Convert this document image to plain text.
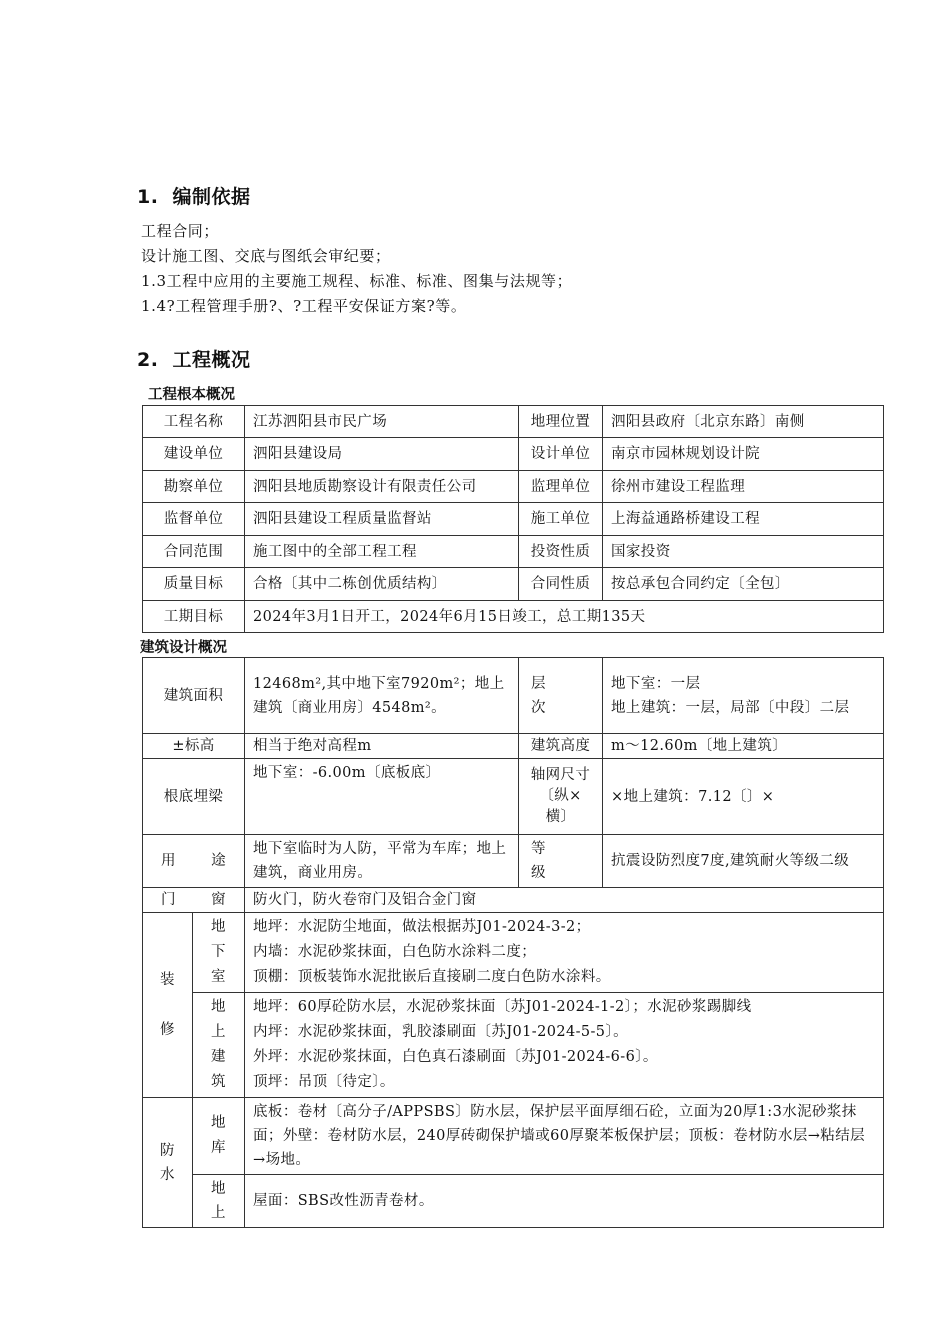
1. 编制依据
工程合同；
设计施工图、交底与图纸会审纪要；
1.3工程中应用的主要施工规程、标准、标准、图集与法规等；
1.4?工程管理手册?、?工程平安保证方案?等。
2. 工程概况
工程根本概况
工程名称	江苏泗阳县市民广场	地理位置	泗阳县政府〔北京东路〕南侧
建设单位	泗阳县建设局	设计单位	南京市园林规划设计院
勘察单位	泗阳县地质勘察设计有限责任公司	监理单位	徐州市建设工程监理
监督单位	泗阳县建设工程质量监督站	施工单位	上海益通路桥建设工程
合同范围	施工图中的全部工程工程	投资性质	国家投资
质量目标	合格〔其中二栋创优质结构〕	合同性质	按总承包合同约定〔全包〕
工期目标	2024年3月1日开工，2024年6月15日竣工，总工期135天		
建筑设计概况
建筑面积		12468m²,其中地下室7920m²；地上建筑〔商业用房〕4548m²。	层　　次	地下室：一层
地上建筑：一层，局部〔中段〕二层

±标高		相当于绝对高程m	建筑高度	m～12.60m〔地上建筑〕
根底埋梁		地下室：-6.00m〔底板底〕	轴网尺寸
〔纵×
横〕	×地上建筑：7.12〔〕×
用　　途		地下室临时为人防，平常为车库；地上建筑，商业用房。	等　　级	抗震设防烈度7度,建筑耐火等级二级
门　　窗		防火门，防火卷帘门及铝合金门窗		

装
修	地
下
室	地坪：水泥防尘地面，做法根据苏J01-2024-3-2；
内墙：水泥砂浆抹面，白色防水涂料二度；
顶棚：顶板装饰水泥批嵌后直接刷二度白色防水涂料。		

	地
上
建
筑	地坪：60厚砼防水层，水泥砂浆抹面〔苏J01-2024-1-2〕；水泥砂浆踢脚线
内坪：水泥砂浆抹面，乳胶漆刷面〔苏J01-2024-5-5〕。
外坪：水泥砂浆抹面，白色真石漆刷面〔苏J01-2024-6-6〕。
顶坪：吊顶〔待定〕。		

防
水	地
库	底板：卷材〔高分子/APPSBS〕防水层，保护层平面厚细石砼，立面为20厚1:3水泥砂浆抹面；外壁：卷材防水层，240厚砖砌保护墙或60厚聚苯板保护层；顶板：卷材防水层→粘结层→场地。		

	地
上	屋面：SBS改性沥青卷材。		
